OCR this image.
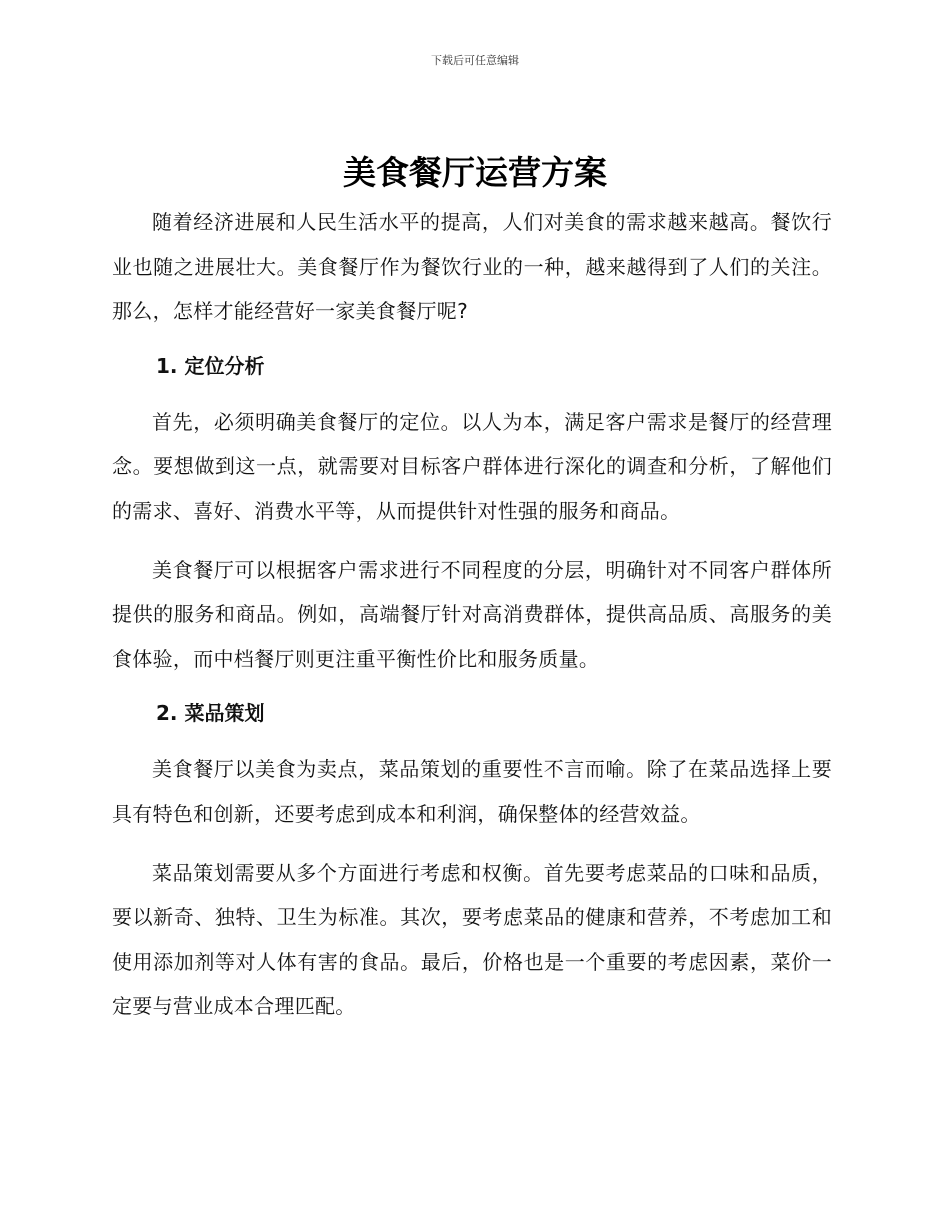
下载后可任意编辑
美食餐厅运营方案

随着经济进展和人民生活水平的提高，人们对美食的需求越来越高。餐饮行业也随之进展壮大。美食餐厅作为餐饮行业的一种，越来越得到了人们的关注。那么，怎样才能经营好一家美食餐厅呢?

1. 定位分析

首先，必须明确美食餐厅的定位。以人为本，满足客户需求是餐厅的经营理念。要想做到这一点，就需要对目标客户群体进行深化的调查和分析，了解他们的需求、喜好、消费水平等，从而提供针对性强的服务和商品。

美食餐厅可以根据客户需求进行不同程度的分层，明确针对不同客户群体所提供的服务和商品。例如，高端餐厅针对高消费群体，提供高品质、高服务的美食体验，而中档餐厅则更注重平衡性价比和服务质量。

2. 菜品策划

美食餐厅以美食为卖点，菜品策划的重要性不言而喻。除了在菜品选择上要具有特色和创新，还要考虑到成本和利润，确保整体的经营效益。

菜品策划需要从多个方面进行考虑和权衡。首先要考虑菜品的口味和品质，要以新奇、独特、卫生为标准。其次，要考虑菜品的健康和营养，不考虑加工和使用添加剂等对人体有害的食品。最后，价格也是一个重要的考虑因素，菜价一定要与营业成本合理匹配。
